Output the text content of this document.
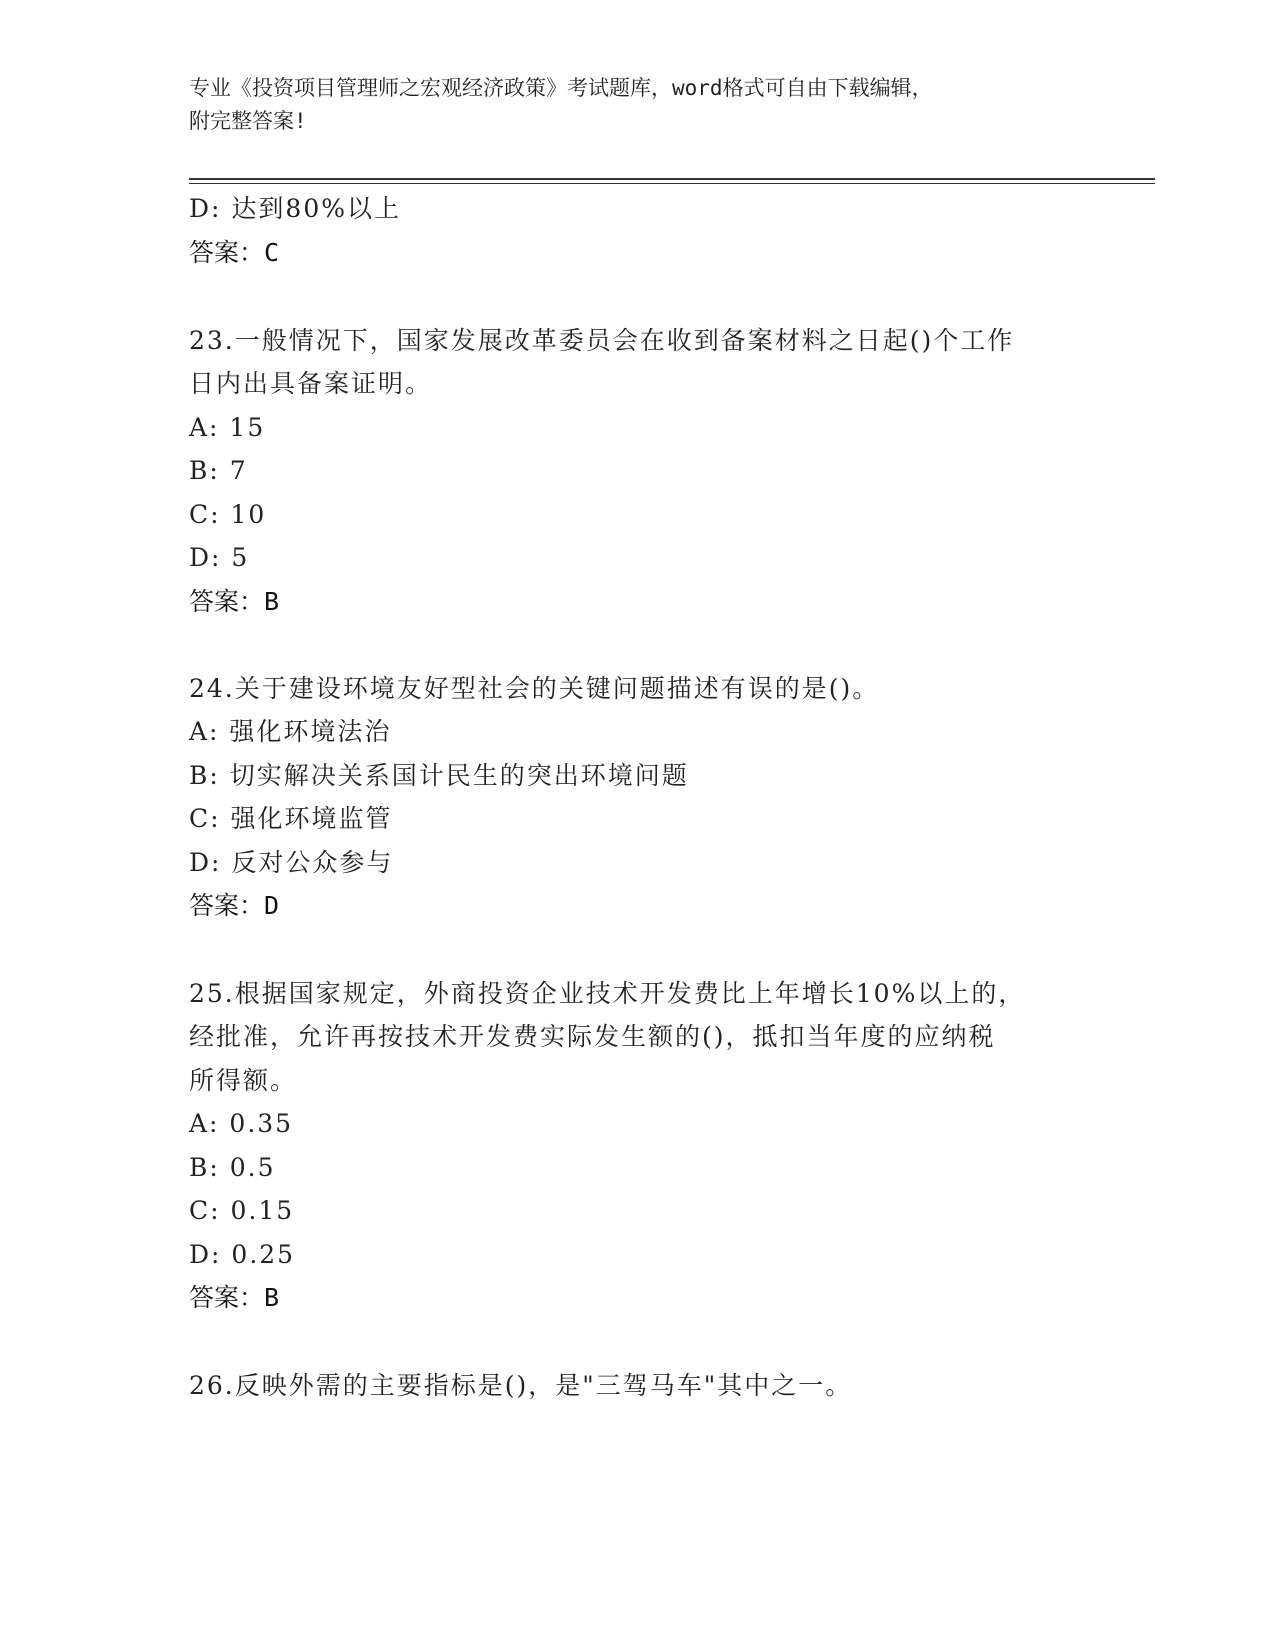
专业《投资项目管理师之宏观经济政策》考试题库，word格式可自由下载编辑，
附完整答案!
D: 达到80%以上
答案：C
23.一般情况下，国家发展改革委员会在收到备案材料之日起()个工作
日内出具备案证明。
A: 15
B: 7
C: 10
D: 5
答案：B
24.关于建设环境友好型社会的关键问题描述有误的是()。
A: 强化环境法治
B: 切实解决关系国计民生的突出环境问题
C: 强化环境监管
D: 反对公众参与
答案：D
25.根据国家规定，外商投资企业技术开发费比上年增长10%以上的，
经批准，允许再按技术开发费实际发生额的()，抵扣当年度的应纳税
所得额。
A: 0.35
B: 0.5
C: 0.15
D: 0.25
答案：B
26.反映外需的主要指标是()，是"三驾马车"其中之一。
